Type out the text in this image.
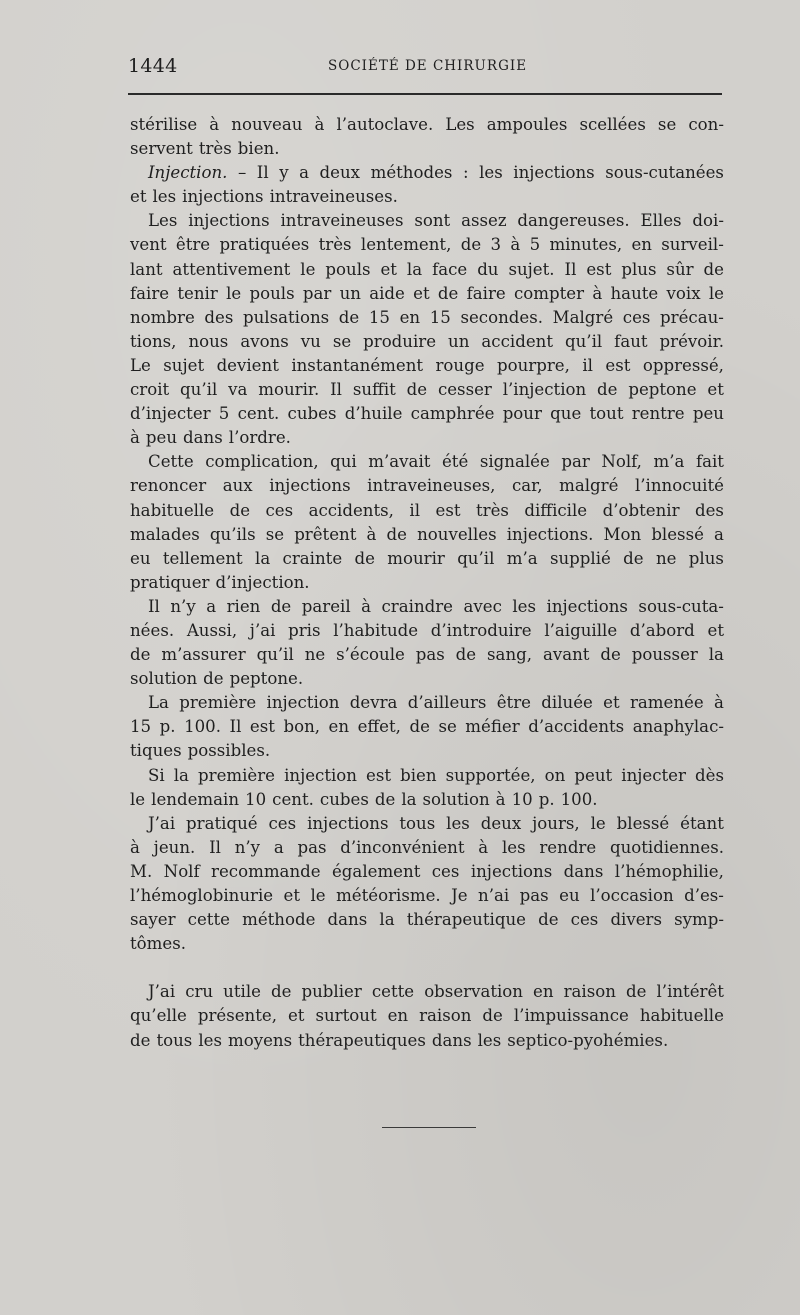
1444	SOCIÉTÉ DE CHIRURGIE
stérilise à nouveau à l’autoclave. Les ampoules scellées se con-
servent très bien.
Injection. – Il y a deux méthodes : les injections sous-cutanées
et les injections intraveineuses.
Les injections intraveineuses sont assez dangereuses. Elles doi-
vent être pratiquées très lentement, de 3 à 5 minutes, en surveil-
lant attentivement le pouls et la face du sujet. Il est plus sûr de
faire tenir le pouls par un aide et de faire compter à haute voix le
nombre des pulsations de 15 en 15 secondes. Malgré ces précau-
tions, nous avons vu se produire un accident qu’il faut prévoir.
Le sujet devient instantanément rouge pourpre, il est oppressé,
croit qu’il va mourir. Il suffit de cesser l’injection de peptone et
d’injecter 5 cent. cubes d’huile camphrée pour que tout rentre peu
à peu dans l’ordre.
Cette complication, qui m’avait été signalée par Nolf, m’a fait
renoncer aux injections intraveineuses, car, malgré l’innocuité
habituelle de ces accidents, il est très difficile d’obtenir des
malades qu’ils se prêtent à de nouvelles injections. Mon blessé a
eu tellement la crainte de mourir qu’il m’a supplié de ne plus
pratiquer d’injection.
Il n’y a rien de pareil à craindre avec les injections sous-cuta-
nées. Aussi, j’ai pris l’habitude d’introduire l’aiguille d’abord et
de m’assurer qu’il ne s’écoule pas de sang, avant de pousser la
solution de peptone.
La première injection devra d’ailleurs être diluée et ramenée à
15 p. 100. Il est bon, en effet, de se méfier d’accidents anaphylac-
tiques possibles.
Si la première injection est bien supportée, on peut injecter dès
le lendemain 10 cent. cubes de la solution à 10 p. 100.
J’ai pratiqué ces injections tous les deux jours, le blessé étant
à jeun. Il n’y a pas d’inconvénient à les rendre quotidiennes.
M. Nolf recommande également ces injections dans l’hémophilie,
l’hémoglobinurie et le météorisme. Je n’ai pas eu l’occasion d’es-
sayer cette méthode dans la thérapeutique de ces divers symp-
tômes.
J’ai cru utile de publier cette observation en raison de l’intérêt
qu’elle présente, et surtout en raison de l’impuissance habituelle
de tous les moyens thérapeutiques dans les septico-pyohémies.
